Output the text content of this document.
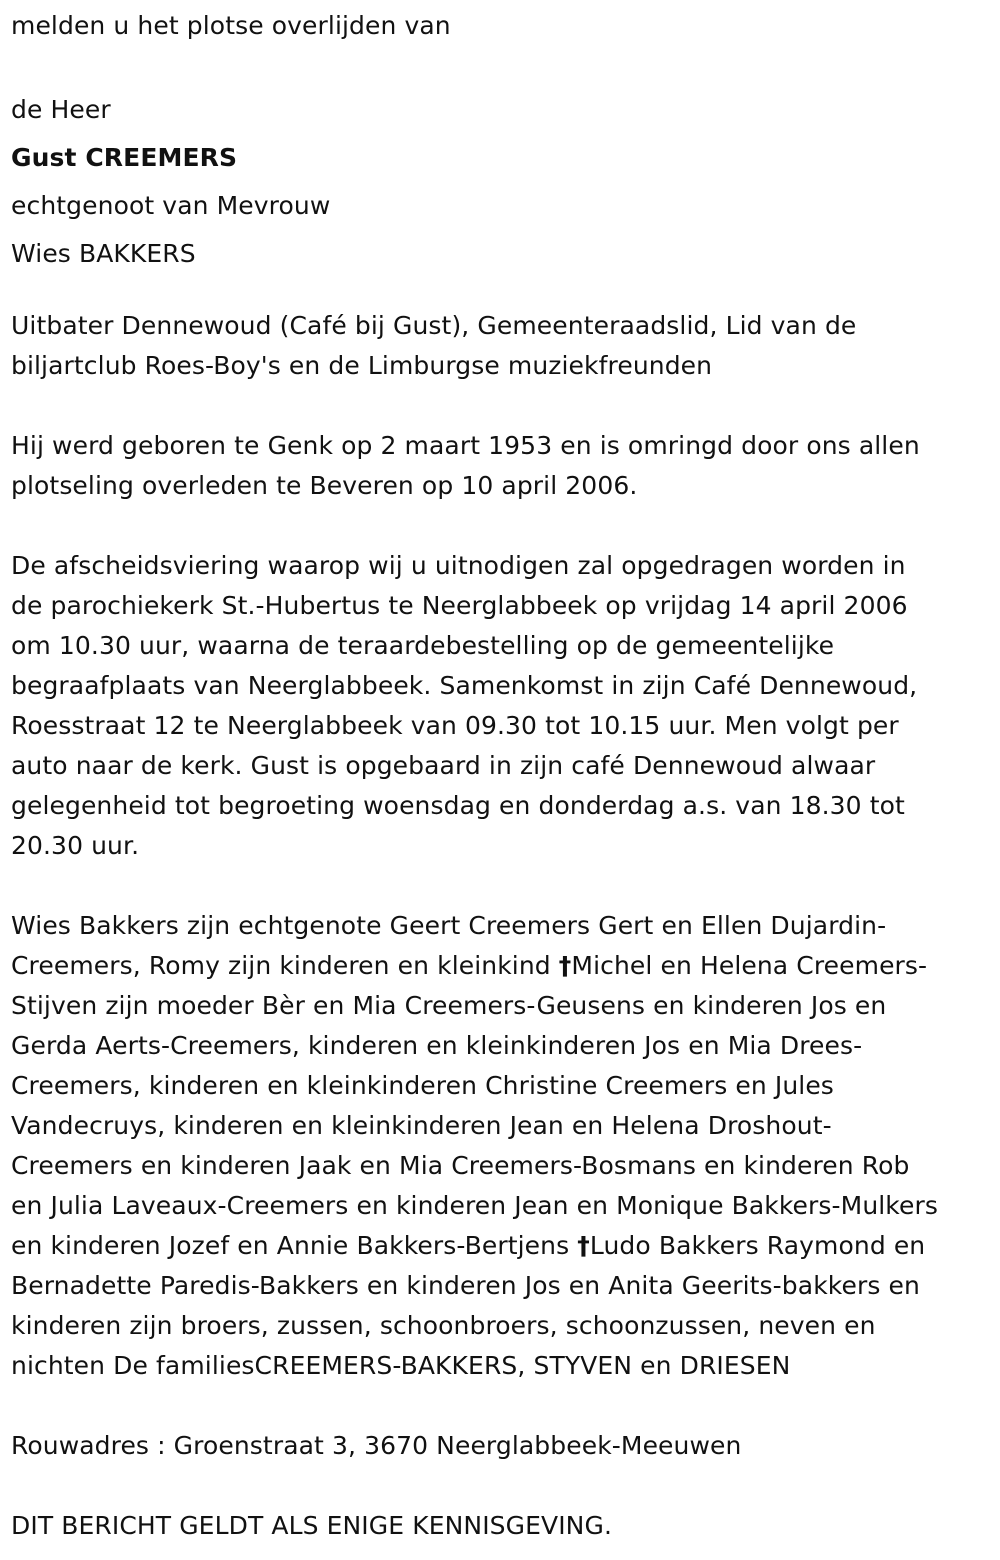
melden u het plotse overlijden van
de Heer
Gust CREEMERS
echtgenoot van Mevrouw
Wies BAKKERS
Uitbater Dennewoud (Café bij Gust), Gemeenteraadslid, Lid van de
biljartclub Roes-Boy's en de Limburgse muziekfreunden
Hij werd geboren te Genk op 2 maart 1953 en is omringd door ons allen
plotseling overleden te Beveren op 10 april 2006.
De afscheidsviering waarop wij u uitnodigen zal opgedragen worden in
de parochiekerk St.-Hubertus te Neerglabbeek op vrijdag 14 april 2006
om 10.30 uur, waarna de teraardebestelling op de gemeentelijke
begraafplaats van Neerglabbeek. Samenkomst in zijn Café Dennewoud,
Roesstraat 12 te Neerglabbeek van 09.30 tot 10.15 uur. Men volgt per
auto naar de kerk. Gust is opgebaard in zijn café Dennewoud alwaar
gelegenheid tot begroeting woensdag en donderdag a.s. van 18.30 tot
20.30 uur.
Wies Bakkers zijn echtgenote Geert Creemers Gert en Ellen Dujardin-
Creemers, Romy zijn kinderen en kleinkind †Michel en Helena Creemers-
Stijven zijn moeder Bèr en Mia Creemers-Geusens en kinderen Jos en
Gerda Aerts-Creemers, kinderen en kleinkinderen Jos en Mia Drees-
Creemers, kinderen en kleinkinderen Christine Creemers en Jules
Vandecruys, kinderen en kleinkinderen Jean en Helena Droshout-
Creemers en kinderen Jaak en Mia Creemers-Bosmans en kinderen Rob
en Julia Laveaux-Creemers en kinderen Jean en Monique Bakkers-Mulkers
en kinderen Jozef en Annie Bakkers-Bertjens †Ludo Bakkers Raymond en
Bernadette Paredis-Bakkers en kinderen Jos en Anita Geerits-bakkers en
kinderen zijn broers, zussen, schoonbroers, schoonzussen, neven en
nichten De familiesCREEMERS-BAKKERS, STYVEN en DRIESEN
Rouwadres : Groenstraat 3, 3670 Neerglabbeek-Meeuwen
DIT BERICHT GELDT ALS ENIGE KENNISGEVING.
